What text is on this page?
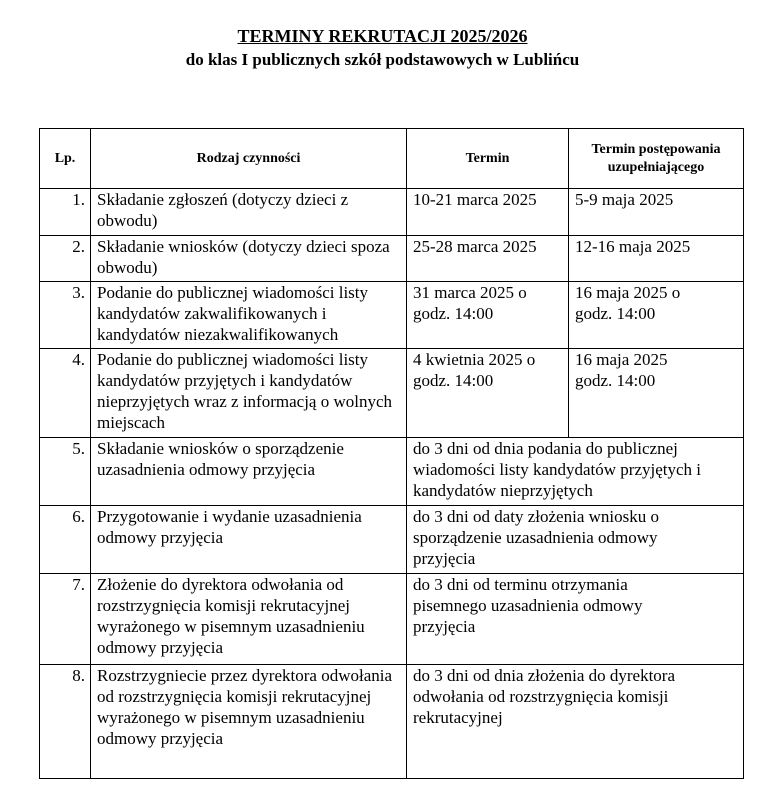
TERMINY REKRUTACJI 2025/2026
do klas I publicznych szkół podstawowych w Lublińcu
Lp.	Rodzaj czynności	Termin	Termin postępowania uzupełniającego
1.	Składanie zgłoszeń (dotyczy dzieci z obwodu)	10-21 marca 2025	5-9 maja 2025
2.	Składanie wniosków (dotyczy dzieci spoza obwodu)	25-28 marca 2025	12-16 maja 2025
3.	Podanie do publicznej wiadomości listy kandydatów zakwalifikowanych i kandydatów niezakwalifikowanych	31 marca 2025 o godz. 14:00	16 maja 2025 o godz. 14:00
4.	Podanie do publicznej wiadomości listy kandydatów przyjętych i kandydatów nieprzyjętych wraz z informacją o wolnych miejscach	4 kwietnia 2025 o godz. 14:00	16 maja 2025 godz. 14:00
5.	Składanie wniosków o sporządzenie uzasadnienia odmowy przyjęcia	do 3 dni od dnia podania do publicznej wiadomości listy kandydatów przyjętych i kandydatów nieprzyjętych	
6.	Przygotowanie i wydanie uzasadnienia odmowy przyjęcia	do 3 dni od daty złożenia wniosku o sporządzenie uzasadnienia odmowy przyjęcia	
7.	Złożenie do dyrektora odwołania od rozstrzygnięcia komisji rekrutacyjnej wyrażonego w pisemnym uzasadnieniu odmowy przyjęcia	do 3 dni od terminu otrzymania pisemnego uzasadnienia odmowy przyjęcia	
8.	Rozstrzygniecie przez dyrektora odwołania od rozstrzygnięcia komisji rekrutacyjnej wyrażonego w pisemnym uzasadnieniu odmowy przyjęcia	do 3 dni od dnia złożenia do dyrektora odwołania od rozstrzygnięcia komisji rekrutacyjnej	
